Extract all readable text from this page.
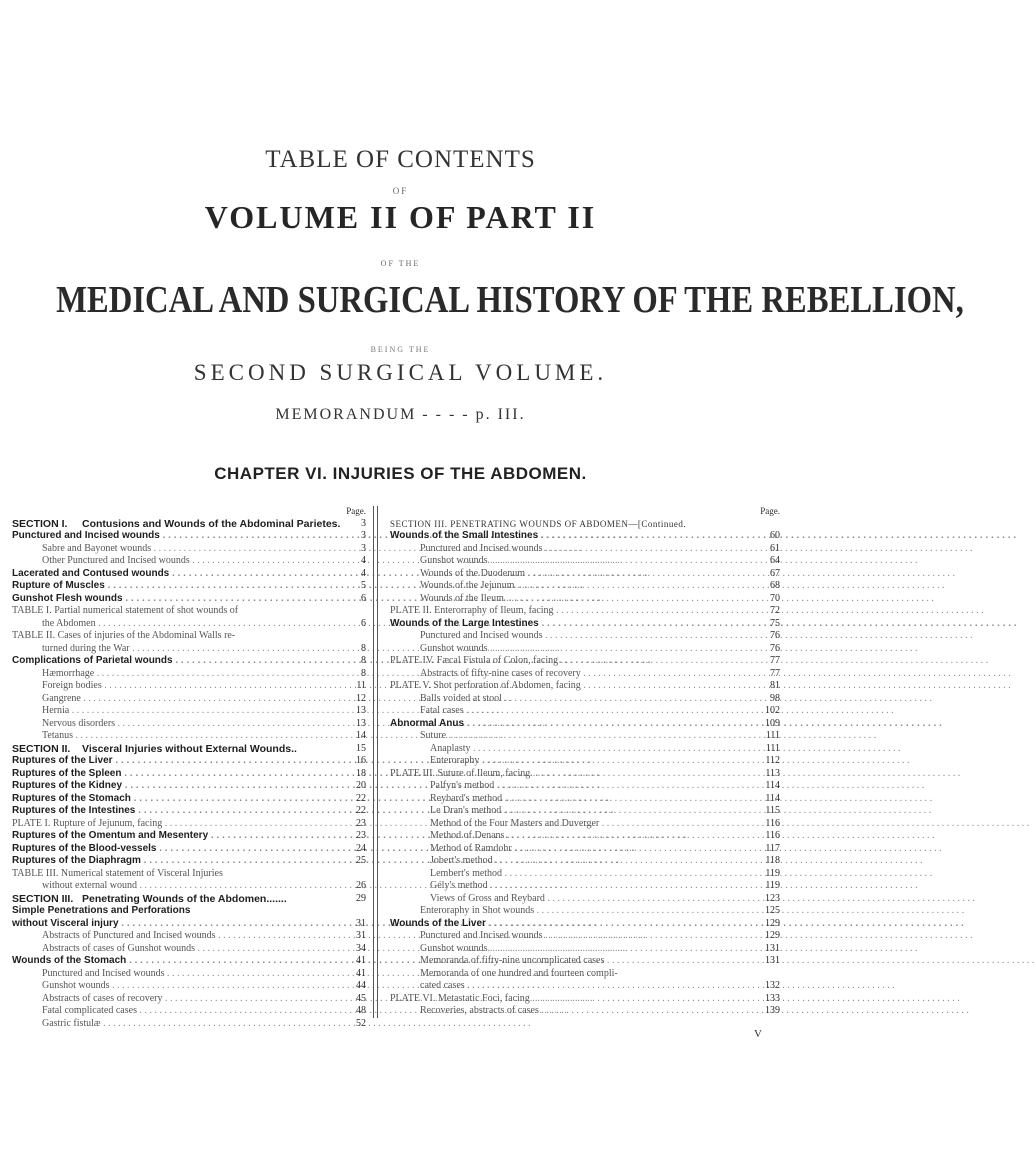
TABLE OF CONTENTS
OF
VOLUME II OF PART II
OF THE
MEDICAL AND SURGICAL HISTORY OF THE REBELLION,
BEING THE
SECOND SURGICAL VOLUME.
MEMORANDUM - - - - p. III.
CHAPTER VI. INJURIES OF THE ABDOMEN.
Page.
SECTION I. Contusions and Wounds of the Abdominal Parietes.	3
Punctured and Incised wounds . . .	3
Sabre and Bayonet wounds . . .	3
Other Punctured and Incised wounds . . .	4
Lacerated and Contused wounds . . .	4
Rupture of Muscles . . .	5
Gunshot Flesh wounds . . .	6
TABLE I. Partial numerical statement of shot wounds of
the Abdomen . . .	6
TABLE II. Cases of injuries of the Abdominal Walls re-
turned during the War . . .	8
Complications of Parietal wounds . . .	8
Hæmorrhage . . .	8
Foreign bodies . . .	11
Gangrene . . .	12
Hernia . . .	13
Nervous disorders . . .	13
Tetanus . . .	14
SECTION II. Visceral Injuries without External Wounds..	15
Ruptures of the Liver . . .	16
Ruptures of the Spleen . . .	18
Ruptures of the Kidney . . .	20
Ruptures of the Stomach . . .	22
Ruptures of the Intestines . . .	22
PLATE I. Rupture of Jejunum, facing . . .	23
Ruptures of the Omentum and Mesentery . . .	23
Ruptures of the Blood-vessels . . .	24
Ruptures of the Diaphragm . . .	25
TABLE III. Numerical statement of Visceral Injuries
without external wound . . .	26
SECTION III. Penetrating Wounds of the Abdomen.......	29
Simple Penetrations and Perforations
without Visceral injury . . .	31
Abstracts of Punctured and Incised wounds . . .	31
Abstracts of cases of Gunshot wounds . . .	34
Wounds of the Stomach . . .	41
Punctured and Incised wounds . . .	41
Gunshot wounds . . .	44
Abstracts of cases of recovery . . .	45
Fatal complicated cases . . .	48
Gastric fistulæ . . .	52
Page.
SECTION III. PENETRATING WOUNDS OF ABDOMEN—[Continued.
Wounds of the Small Intestines . . .	60
Punctured and Incised wounds . . .	61
Gunshot wounds . . .	64
Wounds of the Duodenum . . .	67
Wounds of the Jejunum . . .	68
Wounds of the Ileum . . .	70
PLATE II. Enterorraphy of Ileum, facing . . .	72
Wounds of the Large Intestines . . .	75
Punctured and Incised wounds . . .	76
Gunshot wounds . . .	76
PLATE IV. Fæcal Fistula of Colon, facing . . .	77
Abstracts of fifty-nine cases of recovery . . .	77
PLATE V. Shot perforation of Abdomen, facing . . .	81
Balls voided at stool . . .	98
Fatal cases . . .	102
Abnormal Anus . . .	109
Suture . . .	111
Anaplasty . . .	111
Enteroraphy . . .	112
PLATE III. Suture of Ileum, facing . . .	113
Palfyn's method . . .	114
Reybard's method . . .	114
Le Dran's method . . .	115
Method of the Four Masters and Duverger . . .	116
Method of Denans . . .	116
Method of Ramdohr . . .	117
Jobert's method . . .	118
Lembert's method . . .	119
Gély's method . . .	119
Views of Gross and Reybard . . .	123
Enteroraphy in Shot wounds . . .	125
Wounds of the Liver . . .	129
Punctured and Incised wounds . . .	129
Gunshot wounds . . .	131
Memoranda of fifty-nine uncomplicated cases . . .	131
Memoranda of one hundred and fourteen compli-
cated cases . . .	132
PLATE VI. Metastatic Foci, facing . . .	133
Recoveries, abstracts of cases . . .	139
V
